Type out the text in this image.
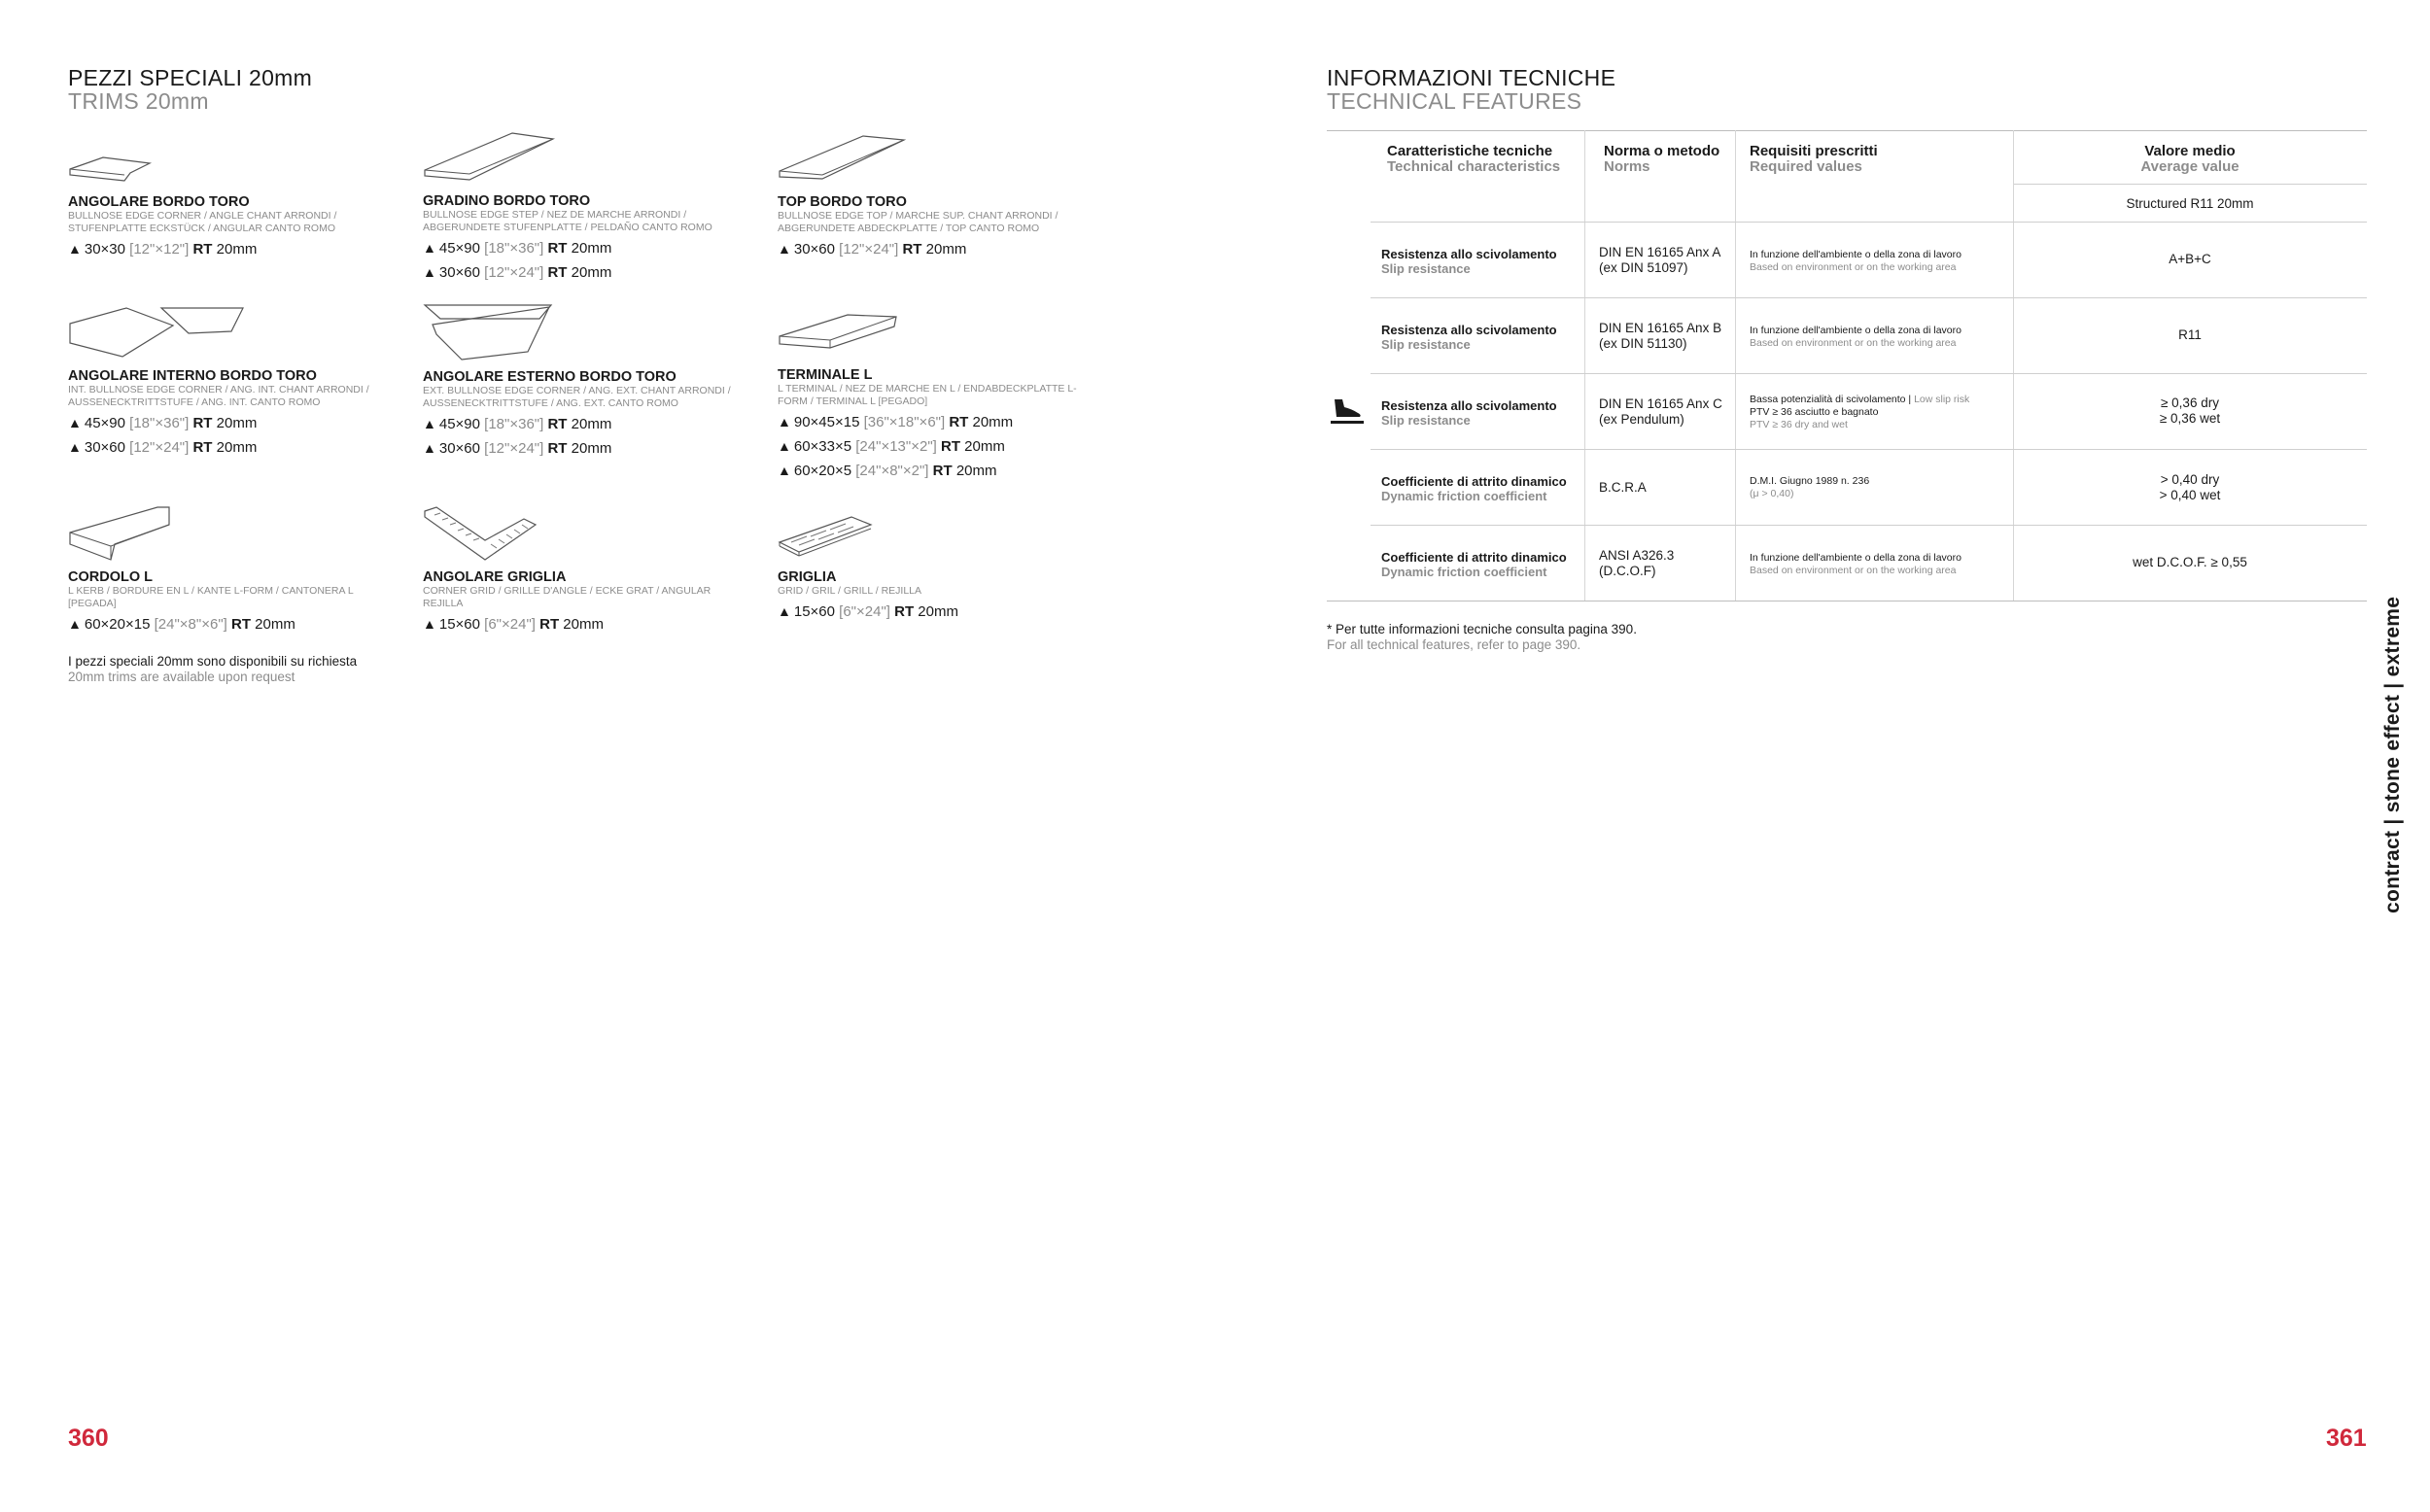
PEZZI SPECIALI 20mm
TRIMS 20mm
ANGOLARE BORDO TORO
BULLNOSE EDGE CORNER / ANGLE CHANT ARRONDI / STUFENPLATTE ECKSTÜCK / ANGULAR CANTO ROMO
▲ 30×30 [12"×12"] RT 20mm
GRADINO BORDO TORO
BULLNOSE EDGE STEP / NEZ DE MARCHE ARRONDI / ABGERUNDETE STUFENPLATTE / PELDAÑO CANTO ROMO
▲ 45×90 [18"×36"] RT 20mm
▲ 30×60 [12"×24"] RT 20mm
TOP BORDO TORO
BULLNOSE EDGE TOP / MARCHE SUP. CHANT ARRONDI / ABGERUNDETE ABDECKPLATTE / TOP CANTO ROMO
▲ 30×60 [12"×24"] RT 20mm
ANGOLARE INTERNO BORDO TORO
INT. BULLNOSE EDGE CORNER / ANG. INT. CHANT ARRONDI / AUSSENECKTRITTSTUFE / ANG. INT. CANTO ROMO
▲ 45×90 [18"×36"] RT 20mm
▲ 30×60 [12"×24"] RT 20mm
ANGOLARE ESTERNO BORDO TORO
EXT. BULLNOSE EDGE CORNER / ANG. EXT. CHANT ARRONDI / AUSSENECKTRITTSTUFE / ANG. EXT. CANTO ROMO
▲ 45×90 [18"×36"] RT 20mm
▲ 30×60 [12"×24"] RT 20mm
TERMINALE L
L TERMINAL / NEZ DE MARCHE EN L / ENDABDECKPLATTE L-FORM / TERMINAL L [PEGADO]
▲ 90×45×15 [36"×18"×6"] RT 20mm
▲ 60×33×5 [24"×13"×2"] RT 20mm
▲ 60×20×5 [24"×8"×2"] RT 20mm
CORDOLO L
L KERB / BORDURE EN L / KANTE L-FORM / CANTONERA L [PEGADA]
▲ 60×20×15 [24"×8"×6"] RT 20mm
ANGOLARE GRIGLIA
CORNER GRID / GRILLE D'ANGLE / ECKE GRAT / ANGULAR REJILLA
▲ 15×60 [6"×24"] RT 20mm
GRIGLIA
GRID / GRIL / GRILL / REJILLA
▲ 15×60 [6"×24"] RT 20mm
I pezzi speciali 20mm sono disponibili su richiesta
20mm trims are available upon request
360
INFORMAZIONI TECNICHE
TECHNICAL FEATURES
Caratteristiche tecniche
Technical characteristics
Norma o metodo
Norms
Requisiti prescritti
Required values
Valore medio
Average value
Structured R11 20mm
Resistenza allo scivolamento
Slip resistance
DIN EN 16165 Anx A
(ex DIN 51097)
In funzione dell'ambiente o della zona di lavoro
Based on environment or on the working area
A+B+C
Resistenza allo scivolamento
Slip resistance
DIN EN 16165 Anx B
(ex DIN 51130)
In funzione dell'ambiente o della zona di lavoro
Based on environment or on the working area
R11
Resistenza allo scivolamento
Slip resistance
DIN EN 16165 Anx C
(ex Pendulum)
Bassa potenzialità di scivolamento | Low slip risk
PTV ≥ 36 asciutto e bagnato
PTV ≥ 36 dry and wet
≥ 0,36 dry
≥ 0,36 wet
Coefficiente di attrito dinamico
Dynamic friction coefficient
B.C.R.A	D.M.I. Giugno 1989 n. 236
(μ > 0,40)
> 0,40 dry
> 0,40 wet
Coefficiente di attrito dinamico
Dynamic friction coefficient
ANSI A326.3
(D.C.O.F)
In funzione dell'ambiente o della zona di lavoro
Based on environment or on the working area
wet D.C.O.F. ≥ 0,55
* Per tutte informazioni tecniche consulta pagina 390.
For all technical features, refer to page 390.	contract | stone effect | extreme
361
